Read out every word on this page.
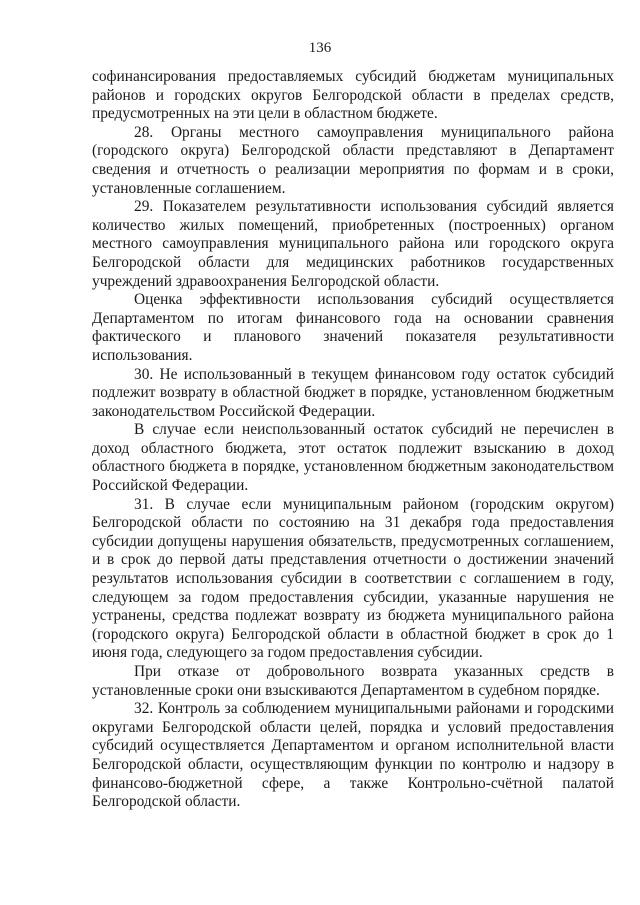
136

софинансирования предоставляемых субсидий бюджетам муниципальных районов и городских округов Белгородской области в пределах средств, предусмотренных на эти цели в областном бюджете.

28. Органы местного самоуправления муниципального района (городского округа) Белгородской области представляют в Департамент сведения и отчетность о реализации мероприятия по формам и в сроки, установленные соглашением.

29. Показателем результативности использования субсидий является количество жилых помещений, приобретенных (построенных) органом местного самоуправления муниципального района или городского округа Белгородской области для медицинских работников государственных учреждений здравоохранения Белгородской области.

Оценка эффективности использования субсидий осуществляется Департаментом по итогам финансового года на основании сравнения фактического и планового значений показателя результативности использования.

30. Не использованный в текущем финансовом году остаток субсидий подлежит возврату в областной бюджет в порядке, установленном бюджетным законодательством Российской Федерации.

В случае если неиспользованный остаток субсидий не перечислен в доход областного бюджета, этот остаток подлежит взысканию в доход областного бюджета в порядке, установленном бюджетным законодательством Российской Федерации.

31. В случае если муниципальным районом (городским округом) Белгородской области по состоянию на 31 декабря года предоставления субсидии допущены нарушения обязательств, предусмотренных соглашением, и в срок до первой даты представления отчетности о достижении значений результатов использования субсидии в соответствии с соглашением в году, следующем за годом предоставления субсидии, указанные нарушения не устранены, средства подлежат возврату из бюджета муниципального района (городского округа) Белгородской области в областной бюджет в срок до 1 июня года, следующего за годом предоставления субсидии.

При отказе от добровольного возврата указанных средств в установленные сроки они взыскиваются Департаментом в судебном порядке.

32. Контроль за соблюдением муниципальными районами и городскими округами Белгородской области целей, порядка и условий предоставления субсидий осуществляется Департаментом и органом исполнительной власти Белгородской области, осуществляющим функции по контролю и надзору в финансово-бюджетной сфере, а также Контрольно-счётной палатой Белгородской области.
